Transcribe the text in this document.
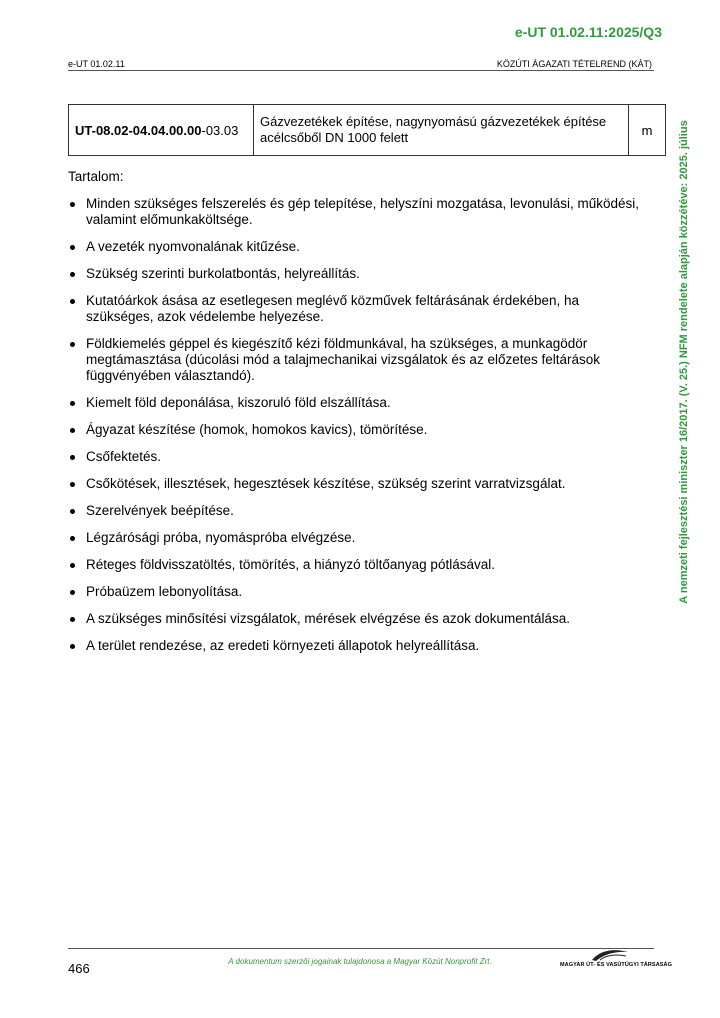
e-UT 01.02.11:2025/Q3
e-UT 01.02.11	KÖZÚTI ÁGAZATI TÉTELREND (KÁT)
UT-08.02-04.04.00.00-03.03	Gázvezetékek építése, nagynyomású gázvezetékek építése acélcsőből DN 1000 felett	m
Tartalom:
Minden szükséges felszerelés és gép telepítése, helyszíni mozgatása, levonulási, működési, valamint előmunkaköltsége.
A vezeték nyomvonalának kitűzése.
Szükség szerinti burkolatbontás, helyreállítás.
Kutatóárkok ásása az esetlegesen meglévő közművek feltárásának érdekében, ha szükséges, azok védelembe helyezése.
Földkiemelés géppel és kiegészítő kézi földmunkával, ha szükséges, a munkagödör megtámasztása (dúcolási mód a talajmechanikai vizsgálatok és az előzetes feltárások függvényében választandó).
Kiemelt föld deponálása, kiszoruló föld elszállítása.
Ágyazat készítése (homok, homokos kavics), tömörítése.
Csőfektetés.
Csőkötések, illesztések, hegesztések készítése, szükség szerint varratvizsgálat.
Szerelvények beépítése.
Légzárósági próba, nyomáspróba elvégzése.
Réteges földvisszatöltés, tömörítés, a hiányzó töltőanyag pótlásával.
Próbaüzem lebonyolítása.
A szükséges minősítési vizsgálatok, mérések elvégzése és azok dokumentálása.
A terület rendezése, az eredeti környezeti állapotok helyreállítása.
A nemzeti fejlesztési miniszter 16/2017. (V. 25.) NFM rendelete alapján közzétéve: 2025. július
466	A dokumentum szerzői jogainak tulajdonosa a Magyar Közút Nonprofit Zrt.	MAGYAR ÚT- ÉS VASÚTÜGYI TÁRSASÁG
